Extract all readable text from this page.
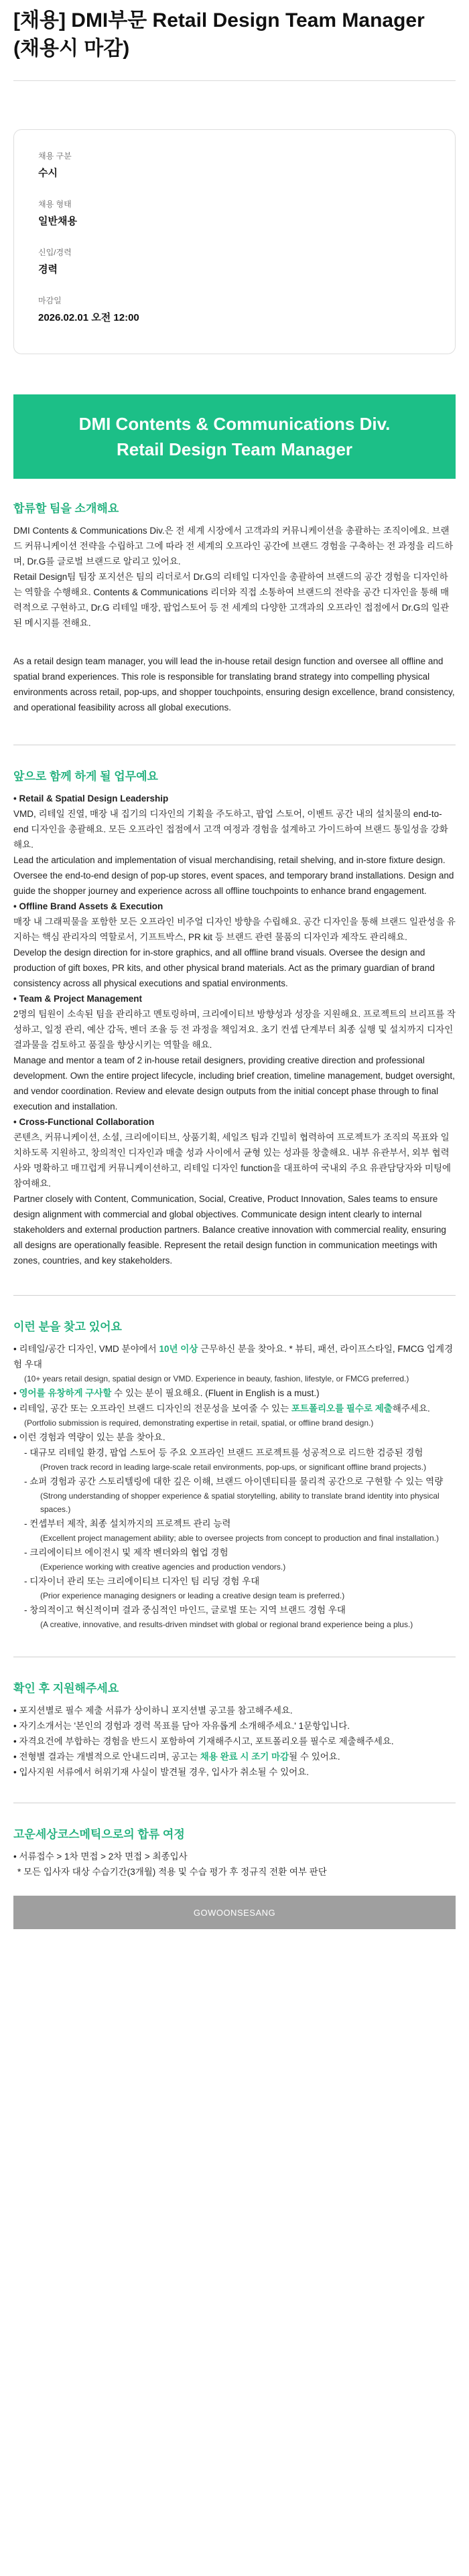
[채용] DMI부문 Retail Design Team Manager (채용시 마감)
채용 구분
수시
채용 형태
일반채용
신입/경력
경력
마감일
2026.02.01 오전 12:00
DMI Contents & Communications Div.
Retail Design Team Manager
합류할 팀을 소개해요

DMI Contents & Communications Div.은 전 세계 시장에서 고객과의 커뮤니케이션을 총괄하는 조직이에요. 브랜드 커뮤니케이션 전략을 수립하고 그에 따라 전 세계의 오프라인 공간에 브랜드 경험을 구축하는 전 과정을 리드하며, Dr.G를 글로벌 브랜드로 알리고 있어요.

Retail Design팀 팀장 포지션은 팀의 리더로서 Dr.G의 리테일 디자인을 총괄하여 브랜드의 공간 경험을 디자인하는 역할을 수행해요. Contents & Communications 리더와 직접 소통하여 브랜드의 전략을 공간 디자인을 통해 매력적으로 구현하고, Dr.G 리테일 매장, 팝업스토어 등 전 세계의 다양한 고객과의 오프라인 접점에서 Dr.G의 일관된 메시지를 전해요.

As a retail design team manager, you will lead the in-house retail design function and oversee all offline and spatial brand experiences. This role is responsible for translating brand strategy into compelling physical environments across retail, pop-ups, and shopper touchpoints, ensuring design excellence, brand consistency, and operational feasibility across all global executions.

앞으로 함께 하게 될 업무예요
• Retail & Spatial Design Leadership

VMD, 리테일 진열, 매장 내 집기의 디자인의 기획을 주도하고, 팝업 스토어, 이벤트 공간 내의 설치물의 end-to-end 디자인을 총괄해요. 모든 오프라인 접점에서 고객 여정과 경험을 설계하고 가이드하여 브랜드 통일성을 강화해요.

Lead the articulation and implementation of visual merchandising, retail shelving, and in-store fixture design. Oversee the end-to-end design of pop-up stores, event spaces, and temporary brand installations. Design and guide the shopper journey and experience across all offline touchpoints to enhance brand engagement.

• Offline Brand Assets & Execution

매장 내 그래픽물을 포함한 모든 오프라인 비주얼 디자인 방향을 수립해요. 공간 디자인을 통해 브랜드 일관성을 유지하는 핵심 관리자의 역할로서, 기프트박스, PR kit 등 브랜드 관련 물품의 디자인과 제작도 관리해요.

Develop the design direction for in-store graphics, and all offline brand visuals. Oversee the design and production of gift boxes, PR kits, and other physical brand materials. Act as the primary guardian of brand consistency across all physical executions and spatial environments.

• Team & Project Management

2명의 팀원이 소속된 팀을 관리하고 멘토링하며, 크리에이티브 방향성과 성장을 지원해요. 프로젝트의 브리프를 작성하고, 일정 관리, 예산 감독, 벤더 조율 등 전 과정을 책임져요. 초기 컨셉 단계부터 최종 실행 및 설치까지 디자인 결과물을 검토하고 품질을 향상시키는 역할을 해요.

Manage and mentor a team of 2 in-house retail designers, providing creative direction and professional development. Own the entire project lifecycle, including brief creation, timeline management, budget oversight, and vendor coordination. Review and elevate design outputs from the initial concept phase through to final execution and installation.

• Cross-Functional Collaboration

콘텐츠, 커뮤니케이션, 소셜, 크리에이티브, 상품기획, 세일즈 팀과 긴밀히 협력하여 프로젝트가 조직의 목표와 일치하도록 지원하고, 창의적인 디자인과 매출 성과 사이에서 균형 있는 성과를 창출해요. 내부 유관부서, 외부 협력사와 명확하고 매끄럽게 커뮤니케이션하고, 리테일 디자인 function을 대표하여 국내외 주요 유관담당자와 미팅에 참여해요.

Partner closely with Content, Communication, Social, Creative, Product Innovation, Sales teams to ensure design alignment with commercial and global objectives. Communicate design intent clearly to internal stakeholders and external production partners. Balance creative innovation with commercial reality, ensuring all designs are operationally feasible. Represent the retail design function in communication meetings with zones, countries, and key stakeholders.

이런 분을 찾고 있어요

• 리테일/공간 디자인, VMD 분야에서 10년 이상 근무하신 분을 찾아요. * 뷰티, 패션, 라이프스타일, FMCG 업계경험 우대

(10+ years retail design, spatial design or VMD. Experience in beauty, fashion, lifestyle, or FMCG preferred.)

• 영어를 유창하게 구사할 수 있는 분이 필요해요. (Fluent in English is a must.)

• 리테일, 공간 또는 오프라인 브랜드 디자인의 전문성을 보여줄 수 있는 포트폴리오를 필수로 제출해주세요.

(Portfolio submission is required, demonstrating expertise in retail, spatial, or offline brand design.)

• 이런 경험과 역량이 있는 분을 찾아요.

- 대규모 리테일 환경, 팝업 스토어 등 주요 오프라인 브랜드 프로젝트를 성공적으로 리드한 검증된 경험

(Proven track record in leading large-scale retail environments, pop-ups, or significant offline brand projects.)

- 쇼퍼 경험과 공간 스토리텔링에 대한 깊은 이해, 브랜드 아이덴티티를 물리적 공간으로 구현할 수 있는 역량

(Strong understanding of shopper experience & spatial storytelling, ability to translate brand identity into physical spaces.)

- 컨셉부터 제작, 최종 설치까지의 프로젝트 관리 능력

(Excellent project management ability; able to oversee projects from concept to production and final installation.)

- 크리에이티브 에이전시 및 제작 벤더와의 협업 경험

(Experience working with creative agencies and production vendors.)

- 디자이너 관리 또는 크리에이티브 디자인 팀 리딩 경험 우대

(Prior experience managing designers or leading a creative design team is preferred.)

- 창의적이고 혁신적이며 결과 중심적인 마인드, 글로벌 또는 지역 브랜드 경험 우대

(A creative, innovative, and results-driven mindset with global or regional brand experience being a plus.)

확인 후 지원해주세요

• 포지션별로 필수 제출 서류가 상이하니 포지션별 공고를 참고해주세요.

• 자기소개서는 '본인의 경험과 경력 목표를 담아 자유롭게 소개해주세요.' 1문항입니다.

• 자격요건에 부합하는 경험을 반드시 포함하여 기재해주시고, 포트폴리오를 필수로 제출해주세요.

• 전형별 결과는 개별적으로 안내드리며, 공고는 채용 완료 시 조기 마감될 수 있어요.

• 입사지원 서류에서 허위기재 사실이 발견될 경우, 입사가 취소될 수 있어요.

고운세상코스메틱으로의 합류 여정

• 서류접수 > 1차 면접 > 2차 면접 > 최종입사

* 모든 입사자 대상 수습기간(3개월) 적용 및 수습 평가 후 정규직 전환 여부 판단

GOWOONSESANG
